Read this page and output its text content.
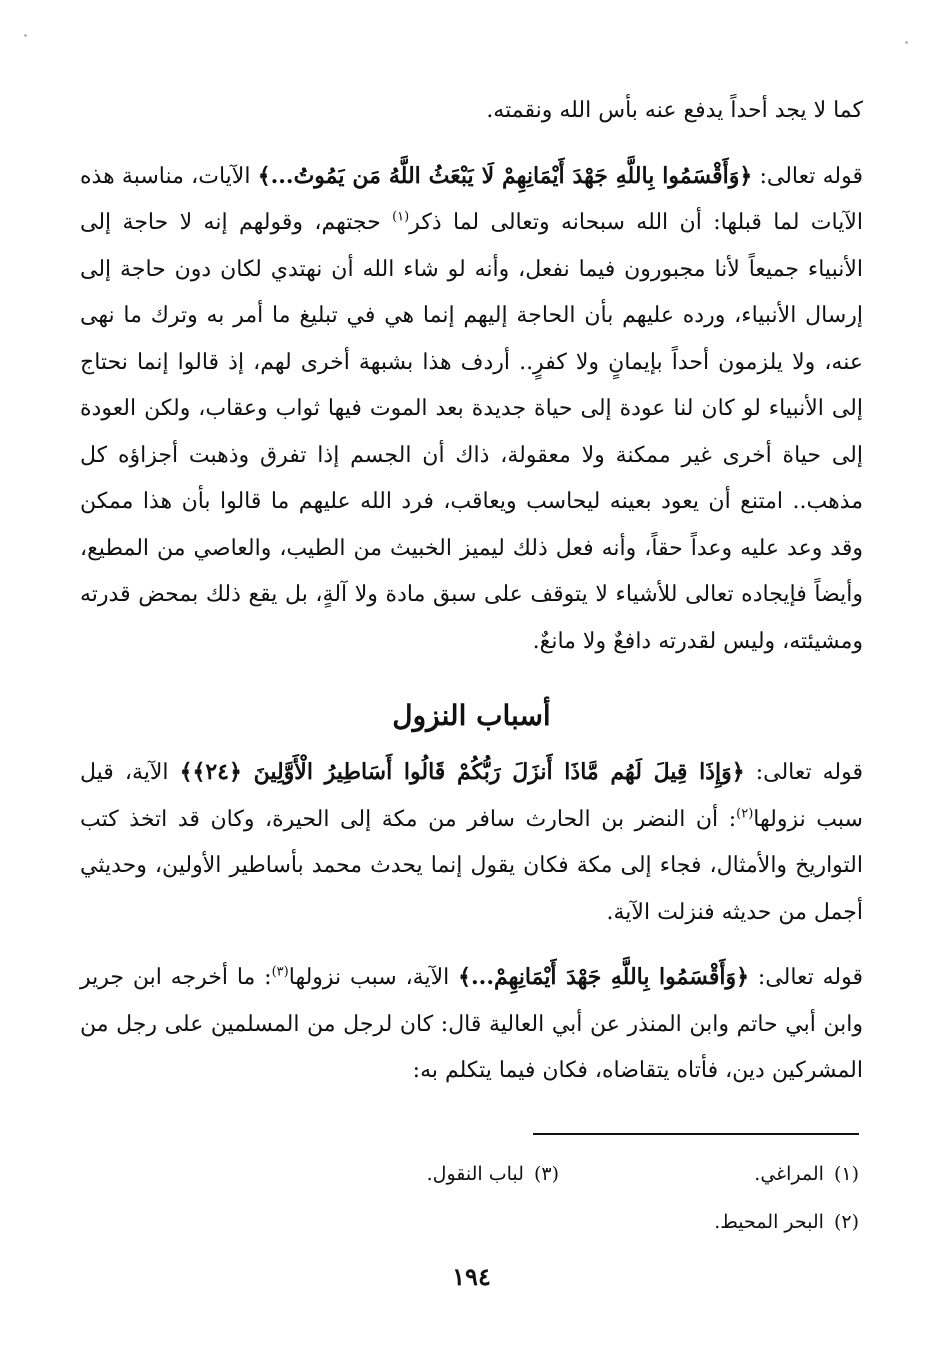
كما لا يجد أحداً يدفع عنه بأس الله ونقمته.

قوله تعالى: ﴿وَأَقْسَمُوا بِاللَّهِ جَهْدَ أَيْمَانِهِمْ لَا يَبْعَثُ اللَّهُ مَن يَمُوتُ...﴾ الآيات، مناسبة هذه الآيات لما قبلها: أن الله سبحانه وتعالى لما ذكر$^{(١)}$ حجتهم، وقولهم إنه لا حاجة إلى الأنبياء جميعاً لأنا مجبورون فيما نفعل، وأنه لو شاء الله أن نهتدي لكان دون حاجة إلى إرسال الأنبياء، ورده عليهم بأن الحاجة إليهم إنما هي في تبليغ ما أمر به وترك ما نهى عنه، ولا يلزمون أحداً بإيمانٍ ولا كفرٍ.. أردف هذا بشبهة أخرى لهم، إذ قالوا إنما نحتاج إلى الأنبياء لو كان لنا عودة إلى حياة جديدة بعد الموت فيها ثواب وعقاب، ولكن العودة إلى حياة أخرى غير ممكنة ولا معقولة، ذاك أن الجسم إذا تفرق وذهبت أجزاؤه كل مذهب.. امتنع أن يعود بعينه ليحاسب ويعاقب، فرد الله عليهم ما قالوا بأن هذا ممكن وقد وعد عليه وعداً حقاً، وأنه فعل ذلك ليميز الخبيث من الطيب، والعاصي من المطيع، وأيضاً فإيجاده تعالى للأشياء لا يتوقف على سبق مادة ولا آلةٍ، بل يقع ذلك بمحض قدرته ومشيئته، وليس لقدرته دافعٌ ولا مانعٌ.

أسباب النزول

قوله تعالى: ﴿وَإِذَا قِيلَ لَهُم مَّاذَا أَنزَلَ رَبُّكُمْ قَالُوا أَسَاطِيرُ الْأَوَّلِينَ ﴿٢٤﴾﴾ الآية، قيل سبب نزولها$^{(٢)}$: أن النضر بن الحارث سافر من مكة إلى الحيرة، وكان قد اتخذ كتب التواريخ والأمثال، فجاء إلى مكة فكان يقول إنما يحدث محمد بأساطير الأولين، وحديثي أجمل من حديثه فنزلت الآية.

قوله تعالى: ﴿وَأَقْسَمُوا بِاللَّهِ جَهْدَ أَيْمَانِهِمْ...﴾ الآية، سبب نزولها$^{(٣)}$: ما أخرجه ابن جرير وابن أبي حاتم وابن المنذر عن أبي العالية قال: كان لرجل من المسلمين على رجل من المشركين دين، فأتاه يتقاضاه، فكان فيما يتكلم به:

(١)المراغي.
(٣)لباب النقول.
(٢)البحر المحيط.
١٩٤
